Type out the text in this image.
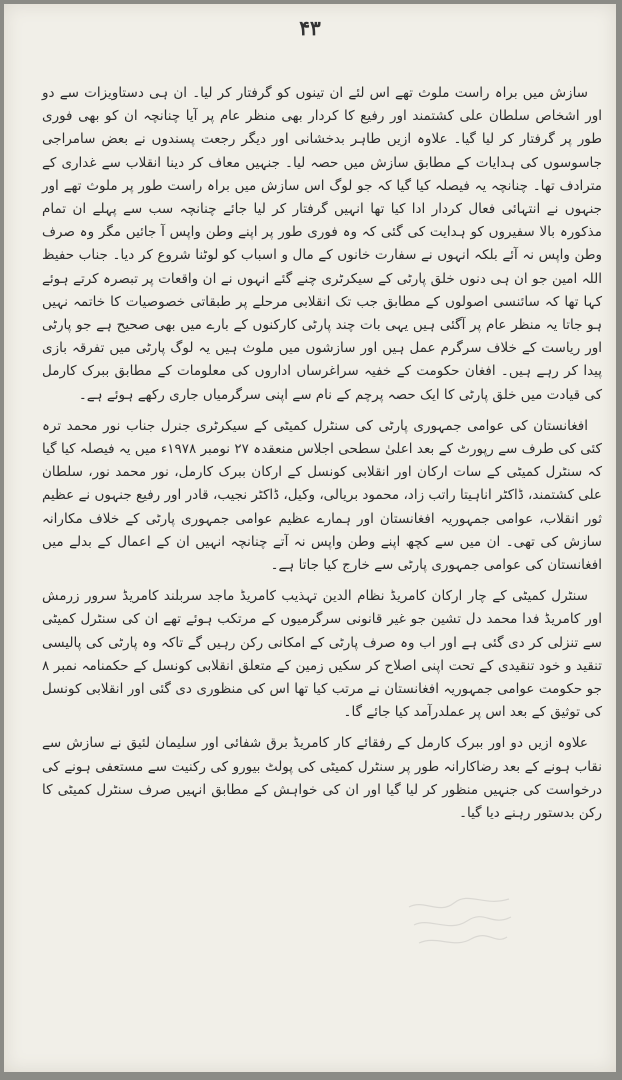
۴۳

سازش میں براہ راست ملوث تھے اس لئے ان تینوں کو گرفتار کر لیا۔ ان ہی دستاویزات سے دو اور اشخاص سلطان علی کشتمند اور رفیع کا کردار بھی منظر عام پر آیا چنانچہ ان کو بھی فوری طور پر گرفتار کر لیا گیا۔ علاوہ ازیں طاہر بدخشانی اور دیگر رجعت پسندوں نے بعض سامراجی جاسوسوں کی ہدایات کے مطابق سازش میں حصہ لیا۔ جنہیں معاف کر دینا انقلاب سے غداری کے مترادف تھا۔ چنانچہ یہ فیصلہ کیا گیا کہ جو لوگ اس سازش میں براہ راست طور پر ملوث تھے اور جنہوں نے انتہائی فعال کردار ادا کیا تھا انہیں گرفتار کر لیا جائے چنانچہ سب سے پہلے ان تمام مذکورہ بالا سفیروں کو ہدایت کی گئی کہ وہ فوری طور پر اپنے وطن واپس آ جائیں مگر وہ صرف وطن واپس نہ آئے بلکہ انہوں نے سفارت خانوں کے مال و اسباب کو لوٹنا شروع کر دیا۔ جناب حفیظ اللہ امین جو ان ہی دنوں خلق پارٹی کے سیکرٹری چنے گئے انہوں نے ان واقعات پر تبصرہ کرتے ہوئے کہا تھا کہ سائنسی اصولوں کے مطابق جب تک انقلابی مرحلے پر طبقاتی خصوصیات کا خاتمہ نہیں ہو جاتا یہ منظر عام پر آگئی ہیں یہی بات چند پارٹی کارکنوں کے بارے میں بھی صحیح ہے جو پارٹی اور ریاست کے خلاف سرگرم عمل ہیں اور سازشوں میں ملوث ہیں یہ لوگ پارٹی میں تفرقہ بازی پیدا کر رہے ہیں۔ افغان حکومت کے خفیہ سراغرساں اداروں کی معلومات کے مطابق ببرک کارمل کی قیادت میں خلق پارٹی کا ایک حصہ پرچم کے نام سے اپنی سرگرمیاں جاری رکھے ہوئے ہے۔

افغانستان کی عوامی جمہوری پارٹی کی سنٹرل کمیٹی کے سیکرٹری جنرل جناب نور محمد ترہ کئی کی طرف سے رپورٹ کے بعد اعلیٰ سطحی اجلاس منعقدہ ۲۷ نومبر ۱۹۷۸ء میں یہ فیصلہ کیا گیا کہ سنٹرل کمیٹی کے سات ارکان اور انقلابی کونسل کے ارکان ببرک کارمل، نور محمد نور، سلطان علی کشتمند، ڈاکٹر اناہیتا راتب زاد، محمود بریالی، وکیل، ڈاکٹر نجیب، قادر اور رفیع جنہوں نے عظیم ثور انقلاب، عوامی جمہوریہ افغانستان اور ہمارے عظیم عوامی جمہوری پارٹی کے خلاف مکارانہ سازش کی تھی۔ ان میں سے کچھ اپنے وطن واپس نہ آتے چنانچہ انہیں ان کے اعمال کے بدلے میں افغانستان کی عوامی جمہوری پارٹی سے خارج کیا جاتا ہے۔

سنٹرل کمیٹی کے چار ارکان کامریڈ نظام الدین تہذیب کامریڈ ماجد سربلند کامریڈ سرور زرمش اور کامریڈ فدا محمد دل تشین جو غیر قانونی سرگرمیوں کے مرتکب ہوئے تھے ان کی سنٹرل کمیٹی سے تنزلی کر دی گئی ہے اور اب وہ صرف پارٹی کے امکانی رکن رہیں گے تاکہ وہ پارٹی کی پالیسی تنقید و خود تنقیدی کے تحت اپنی اصلاح کر سکیں زمین کے متعلق انقلابی کونسل کے حکمنامہ نمبر ۸ جو حکومت عوامی جمہوریہ افغانستان نے مرتب کیا تھا اس کی منظوری دی گئی اور انقلابی کونسل کی توثیق کے بعد اس پر عملدرآمد کیا جائے گا۔

علاوہ ازیں دو اور ببرک کارمل کے رفقائے کار کامریڈ برق شفائی اور سلیمان لئیق نے سازش سے نقاب ہونے کے بعد رضاکارانہ طور پر سنٹرل کمیٹی کی پولٹ بیورو کی رکنیت سے مستعفی ہونے کی درخواست کی جنہیں منظور کر لیا گیا اور ان کی خواہش کے مطابق انہیں صرف سنٹرل کمیٹی کا رکن بدستور رہنے دیا گیا۔
